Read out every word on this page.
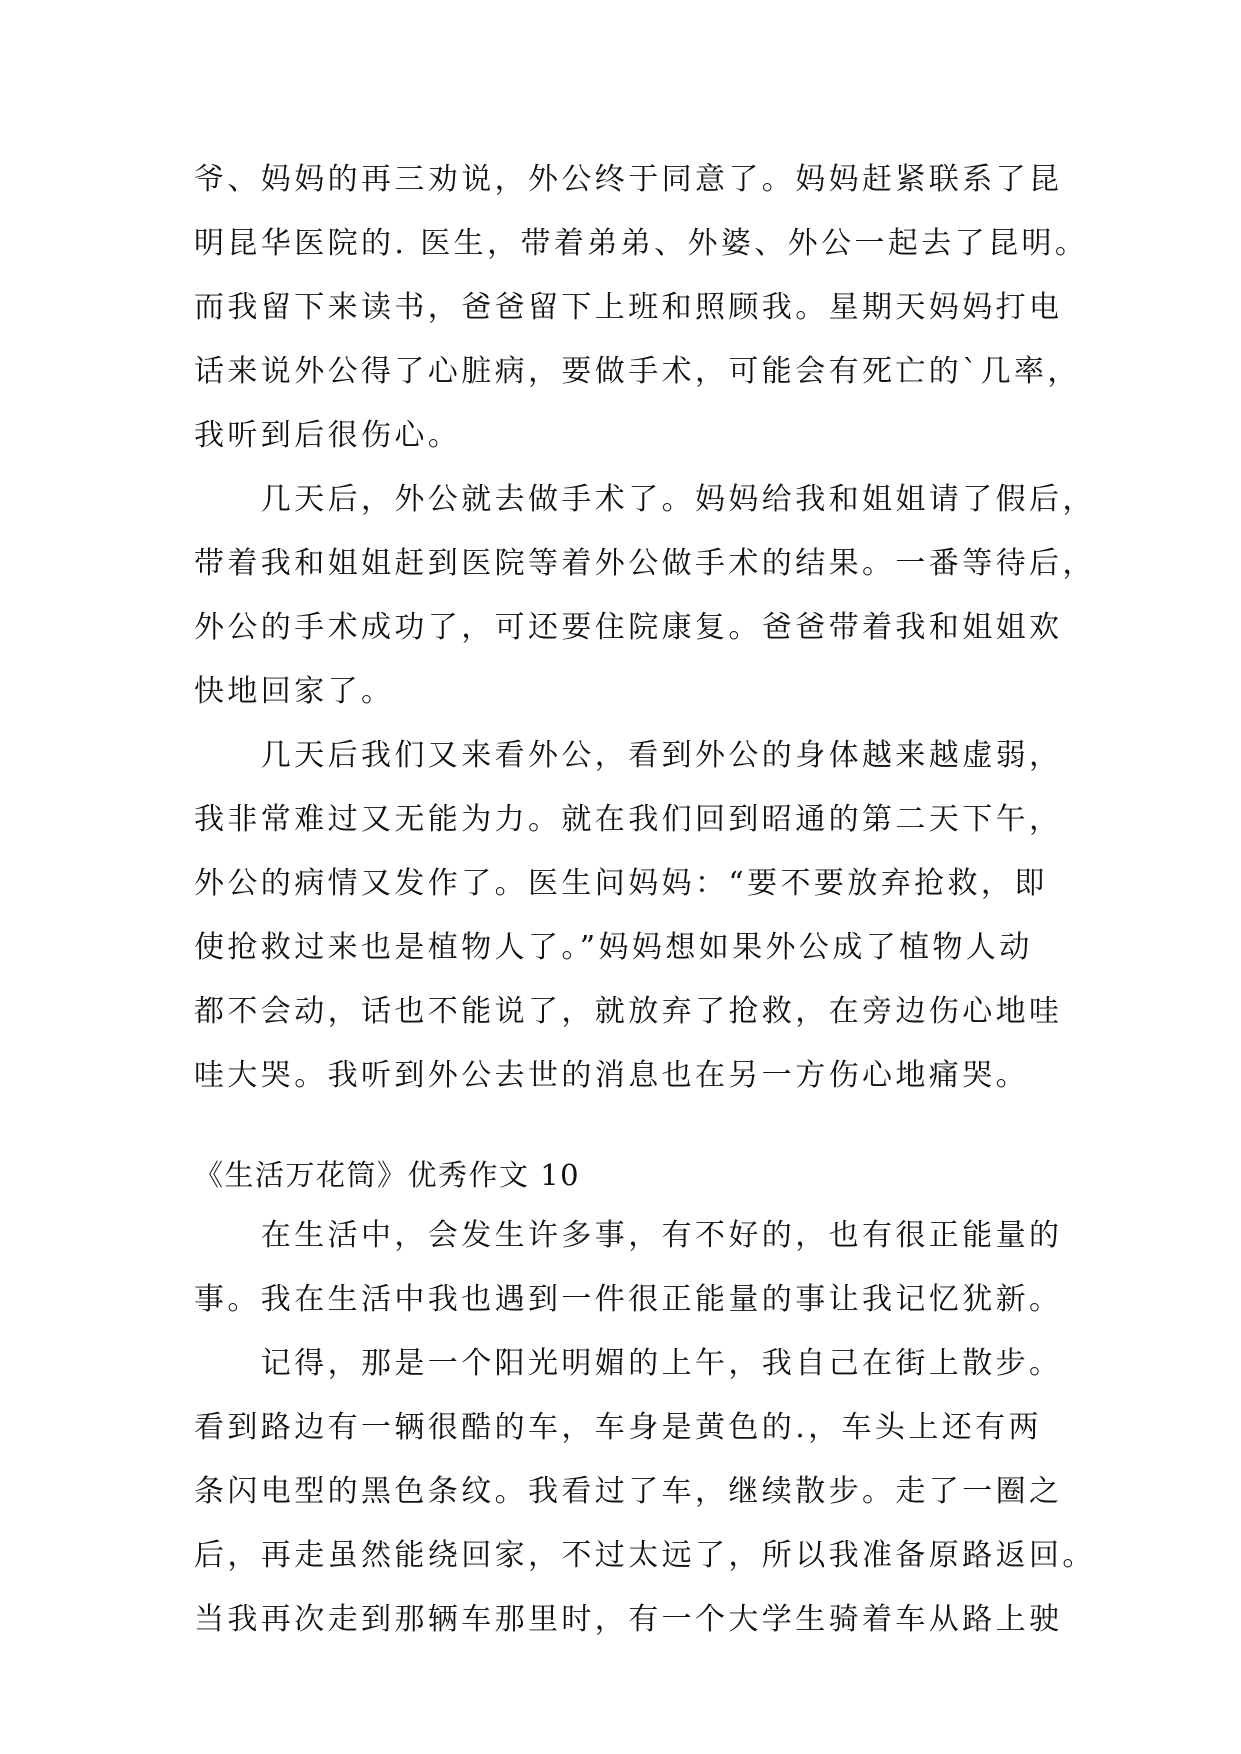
爷、妈妈的再三劝说，外公终于同意了。妈妈赶紧联系了昆
明昆华医院的. 医生，带着弟弟、外婆、外公一起去了昆明。
而我留下来读书，爸爸留下上班和照顾我。星期天妈妈打电
话来说外公得了心脏病，要做手术，可能会有死亡的`几率，
我听到后很伤心。
　　几天后，外公就去做手术了。妈妈给我和姐姐请了假后，
带着我和姐姐赶到医院等着外公做手术的结果。一番等待后，
外公的手术成功了，可还要住院康复。爸爸带着我和姐姐欢
快地回家了。
　　几天后我们又来看外公，看到外公的身体越来越虚弱，
我非常难过又无能为力。就在我们回到昭通的第二天下午，
外公的病情又发作了。医生问妈妈：“要不要放弃抢救，即
使抢救过来也是植物人了。”妈妈想如果外公成了植物人动
都不会动，话也不能说了，就放弃了抢救，在旁边伤心地哇
哇大哭。我听到外公去世的消息也在另一方伤心地痛哭。
《生活万花筒》优秀作文 10
　　在生活中，会发生许多事，有不好的，也有很正能量的
事。我在生活中我也遇到一件很正能量的事让我记忆犹新。
　　记得，那是一个阳光明媚的上午，我自己在街上散步。
看到路边有一辆很酷的车，车身是黄色的.，车头上还有两
条闪电型的黑色条纹。我看过了车，继续散步。走了一圈之
后，再走虽然能绕回家，不过太远了，所以我准备原路返回。
当我再次走到那辆车那里时，有一个大学生骑着车从路上驶
